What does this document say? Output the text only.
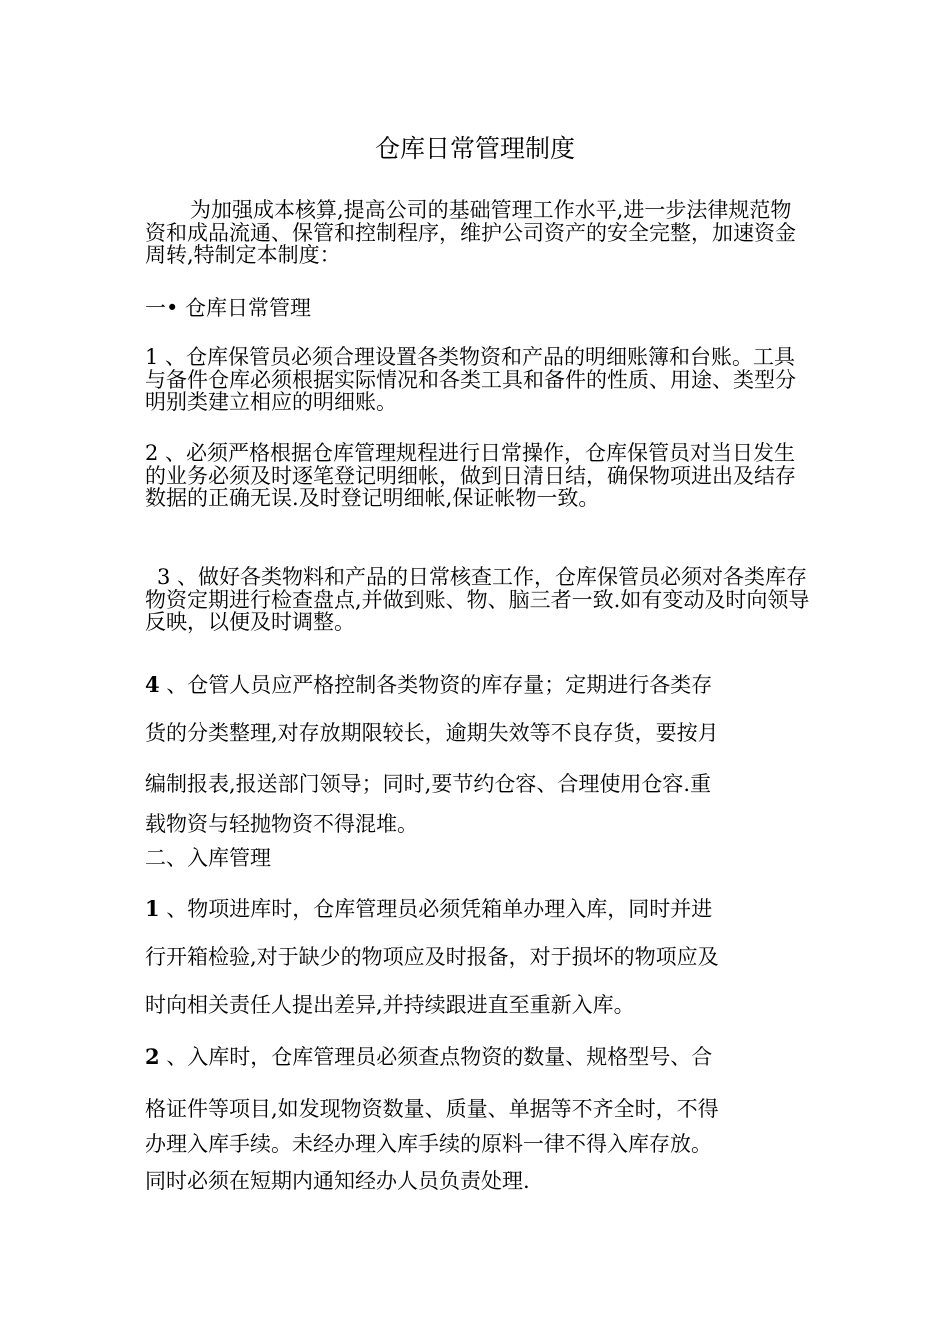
仓库日常管理制度
为加强成本核算,提高公司的基础管理工作水平,进一步法律规范物资和成品流通、保管和控制程序，维护公司资产的安全完整，加速资金周转,特制定本制度：
一• 仓库日常管理
1 、仓库保管员必须合理设置各类物资和产品的明细账簿和台账。工具与备件仓库必须根据实际情况和各类工具和备件的性质、用途、类型分明别类建立相应的明细账。
2 、必须严格根据仓库管理规程进行日常操作，仓库保管员对当日发生的业务必须及时逐笔登记明细帐，做到日清日结，确保物项进出及结存数据的正确无误.及时登记明细帐,保证帐物一致。
3 、做好各类物料和产品的日常核查工作，仓库保管员必须对各类库存物资定期进行检查盘点,并做到账、物、脑三者一致.如有变动及时向领导反映，以便及时调整。
4 、仓管人员应严格控制各类物资的库存量；定期进行各类存
货的分类整理,对存放期限较长，逾期失效等不良存货，要按月
编制报表,报送部门领导；同时,要节约仓容、合理使用仓容.重
载物资与轻抛物资不得混堆。
二、入库管理
1 、物项进库时，仓库管理员必须凭箱单办理入库，同时并进
行开箱检验,对于缺少的物项应及时报备，对于损坏的物项应及
时向相关责任人提出差异,并持续跟进直至重新入库。
2 、入库时，仓库管理员必须查点物资的数量、规格型号、合
格证件等项目,如发现物资数量、质量、单据等不齐全时，不得
办理入库手续。未经办理入库手续的原料一律不得入库存放。
同时必须在短期内通知经办人员负责处理.
